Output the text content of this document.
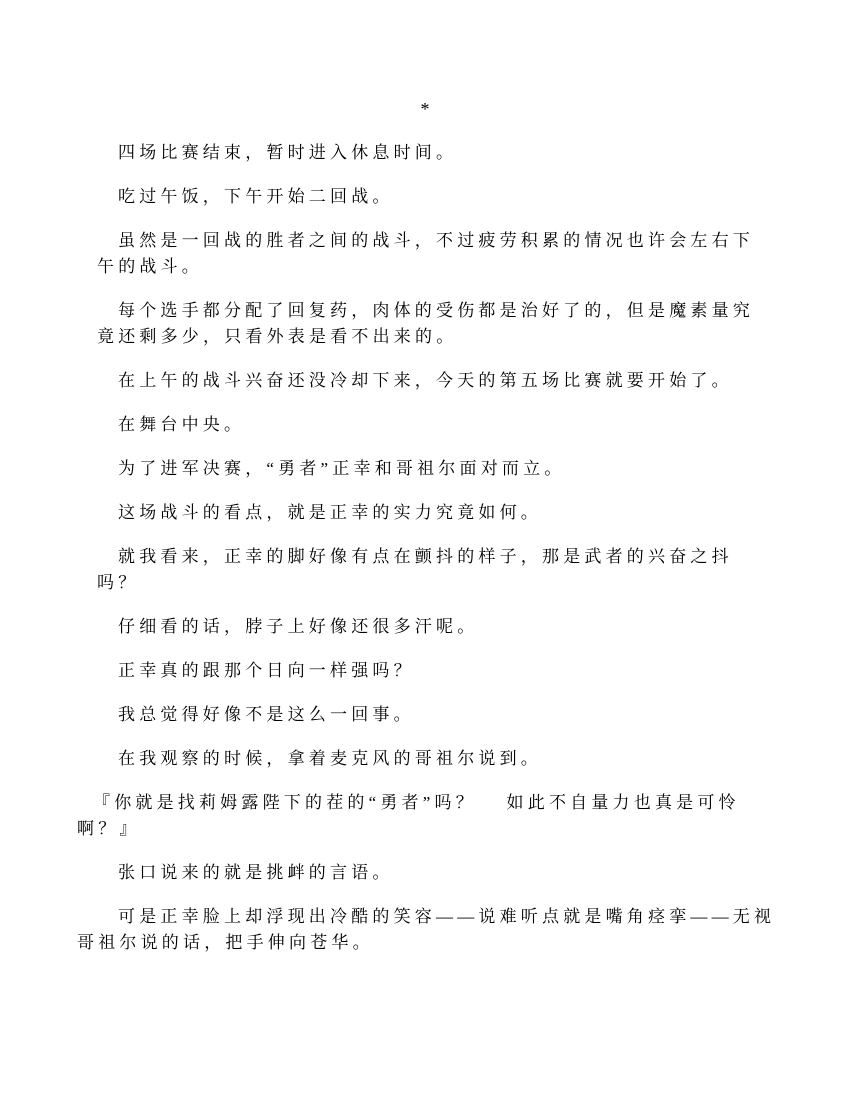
*
四场比赛结束，暂时进入休息时间。
吃过午饭，下午开始二回战。
虽然是一回战的胜者之间的战斗，不过疲劳积累的情况也许会左右下
午的战斗。
每个选手都分配了回复药，肉体的受伤都是治好了的，但是魔素量究
竟还剩多少，只看外表是看不出来的。
在上午的战斗兴奋还没冷却下来，今天的第五场比赛就要开始了。
在舞台中央。
为了进军决赛，“勇者”正幸和哥祖尔面对而立。
这场战斗的看点，就是正幸的实力究竟如何。
就我看来，正幸的脚好像有点在颤抖的样子，那是武者的兴奋之抖
吗？
仔细看的话，脖子上好像还很多汗呢。
正幸真的跟那个日向一样强吗？
我总觉得好像不是这么一回事。
在我观察的时候，拿着麦克风的哥祖尔说到。
『你就是找莉姆露陛下的茬的“勇者”吗？　 如此不自量力也真是可怜
啊？』
张口说来的就是挑衅的言语。
可是正幸脸上却浮现出冷酷的笑容——说难听点就是嘴角痉挛——无视
哥祖尔说的话，把手伸向苍华。
